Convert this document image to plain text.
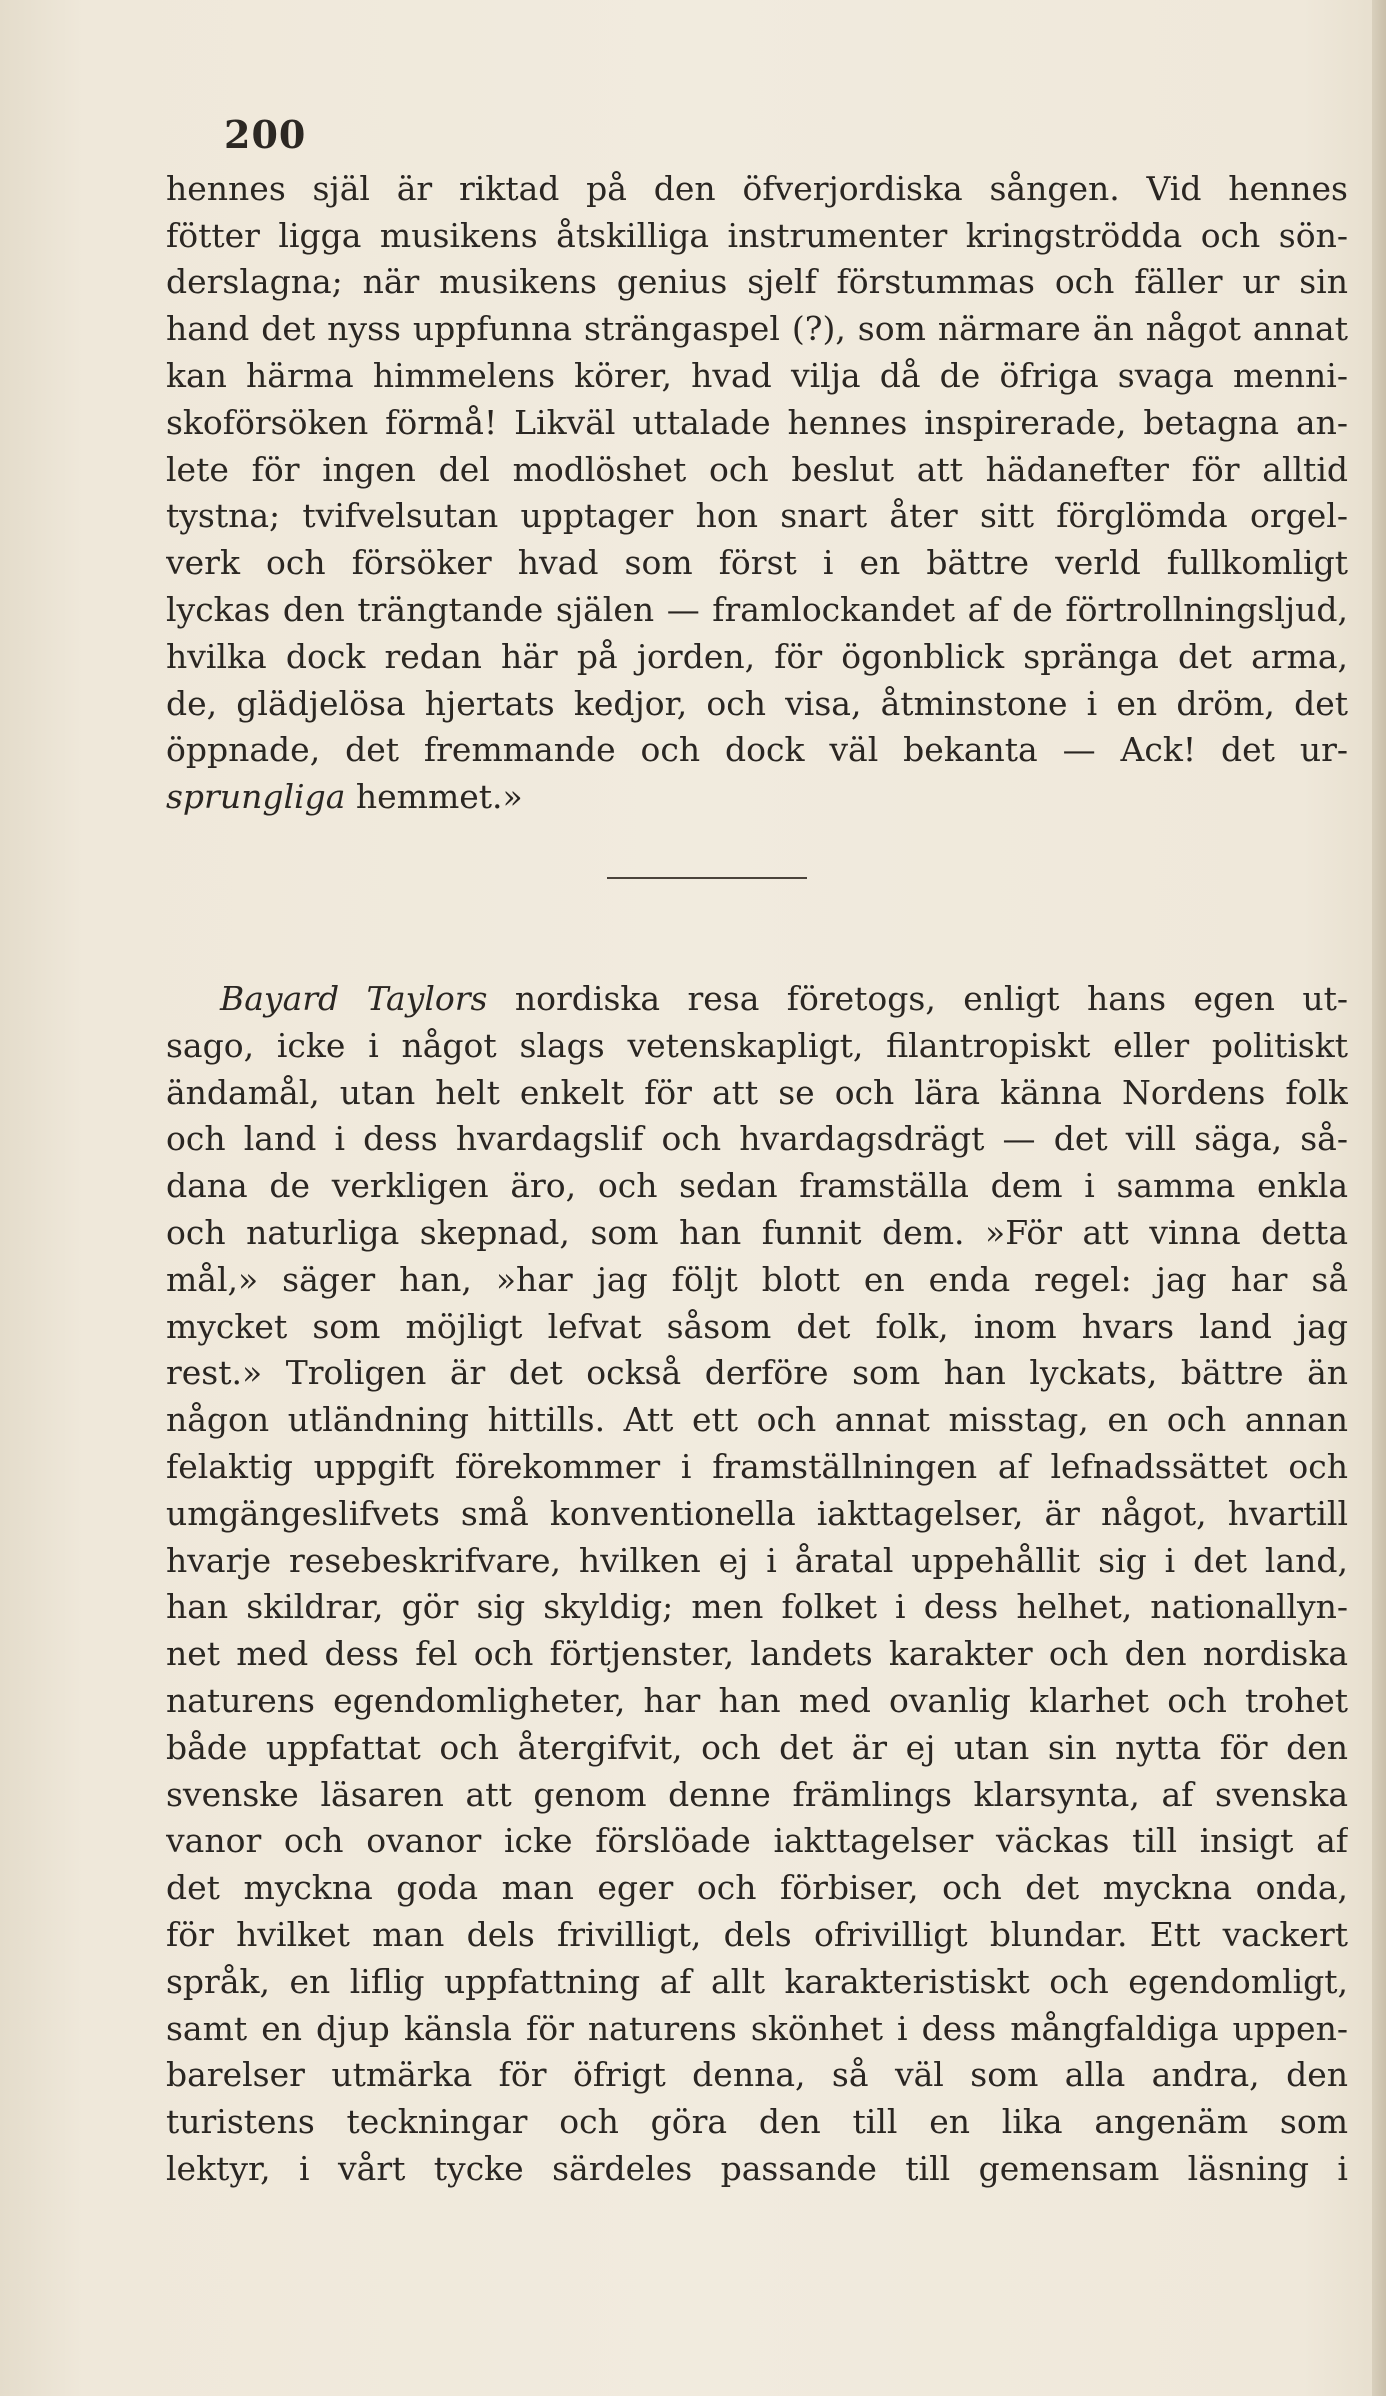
200
hennes själ är riktad på den öfverjordiska sången. Vid hennes
fötter ligga musikens åtskilliga instrumenter kringströdda och sön-
derslagna; när musikens genius sjelf förstummas och fäller ur sin
hand det nyss uppfunna strängaspel (?), som närmare än något annat
kan härma himmelens körer, hvad vilja då de öfriga svaga menni-
skoförsöken förmå! Likväl uttalade hennes inspirerade, betagna an-
lete för ingen del modlöshet och beslut att hädanefter för alltid
tystna; tvifvelsutan upptager hon snart åter sitt förglömda orgel-
verk och försöker hvad som först i en bättre verld fullkomligt
lyckas den trängtande själen — framlockandet af de förtrollningsljud,
hvilka dock redan här på jorden, för ögonblick spränga det arma,
de, glädjelösa hjertats kedjor, och visa, åtminstone i en dröm, det
öppnade, det fremmande och dock väl bekanta — Ack! det ur-
sprungliga hemmet.»
Bayard Taylors nordiska resa företogs, enligt hans egen ut-
sago, icke i något slags vetenskapligt, filantropiskt eller politiskt
ändamål, utan helt enkelt för att se och lära känna Nordens folk
och land i dess hvardagslif och hvardagsdrägt — det vill säga, så-
dana de verkligen äro, och sedan framställa dem i samma enkla
och naturliga skepnad, som han funnit dem. »För att vinna detta
mål,» säger han, »har jag följt blott en enda regel: jag har så
mycket som möjligt lefvat såsom det folk, inom hvars land jag
rest.» Troligen är det också derföre som han lyckats, bättre än
någon utländning hittills. Att ett och annat misstag, en och annan
felaktig uppgift förekommer i framställningen af lefnadssättet och
umgängeslifvets små konventionella iakttagelser, är något, hvartill
hvarje resebeskrifvare, hvilken ej i åratal uppehållit sig i det land,
han skildrar, gör sig skyldig; men folket i dess helhet, nationallyn-
net med dess fel och förtjenster, landets karakter och den nordiska
naturens egendomligheter, har han med ovanlig klarhet och trohet
både uppfattat och återgifvit, och det är ej utan sin nytta för den
svenske läsaren att genom denne främlings klarsynta, af svenska
vanor och ovanor icke förslöade iakttagelser väckas till insigt af
det myckna goda man eger och förbiser, och det myckna onda,
för hvilket man dels frivilligt, dels ofrivilligt blundar. Ett vackert
språk, en liflig uppfattning af allt karakteristiskt och egendomligt,
samt en djup känsla för naturens skönhet i dess mångfaldiga uppen-
barelser utmärka för öfrigt denna, så väl som alla andra, den
turistens teckningar och göra den till en lika angenäm som
lektyr, i vårt tycke särdeles passande till gemensam läsning i
